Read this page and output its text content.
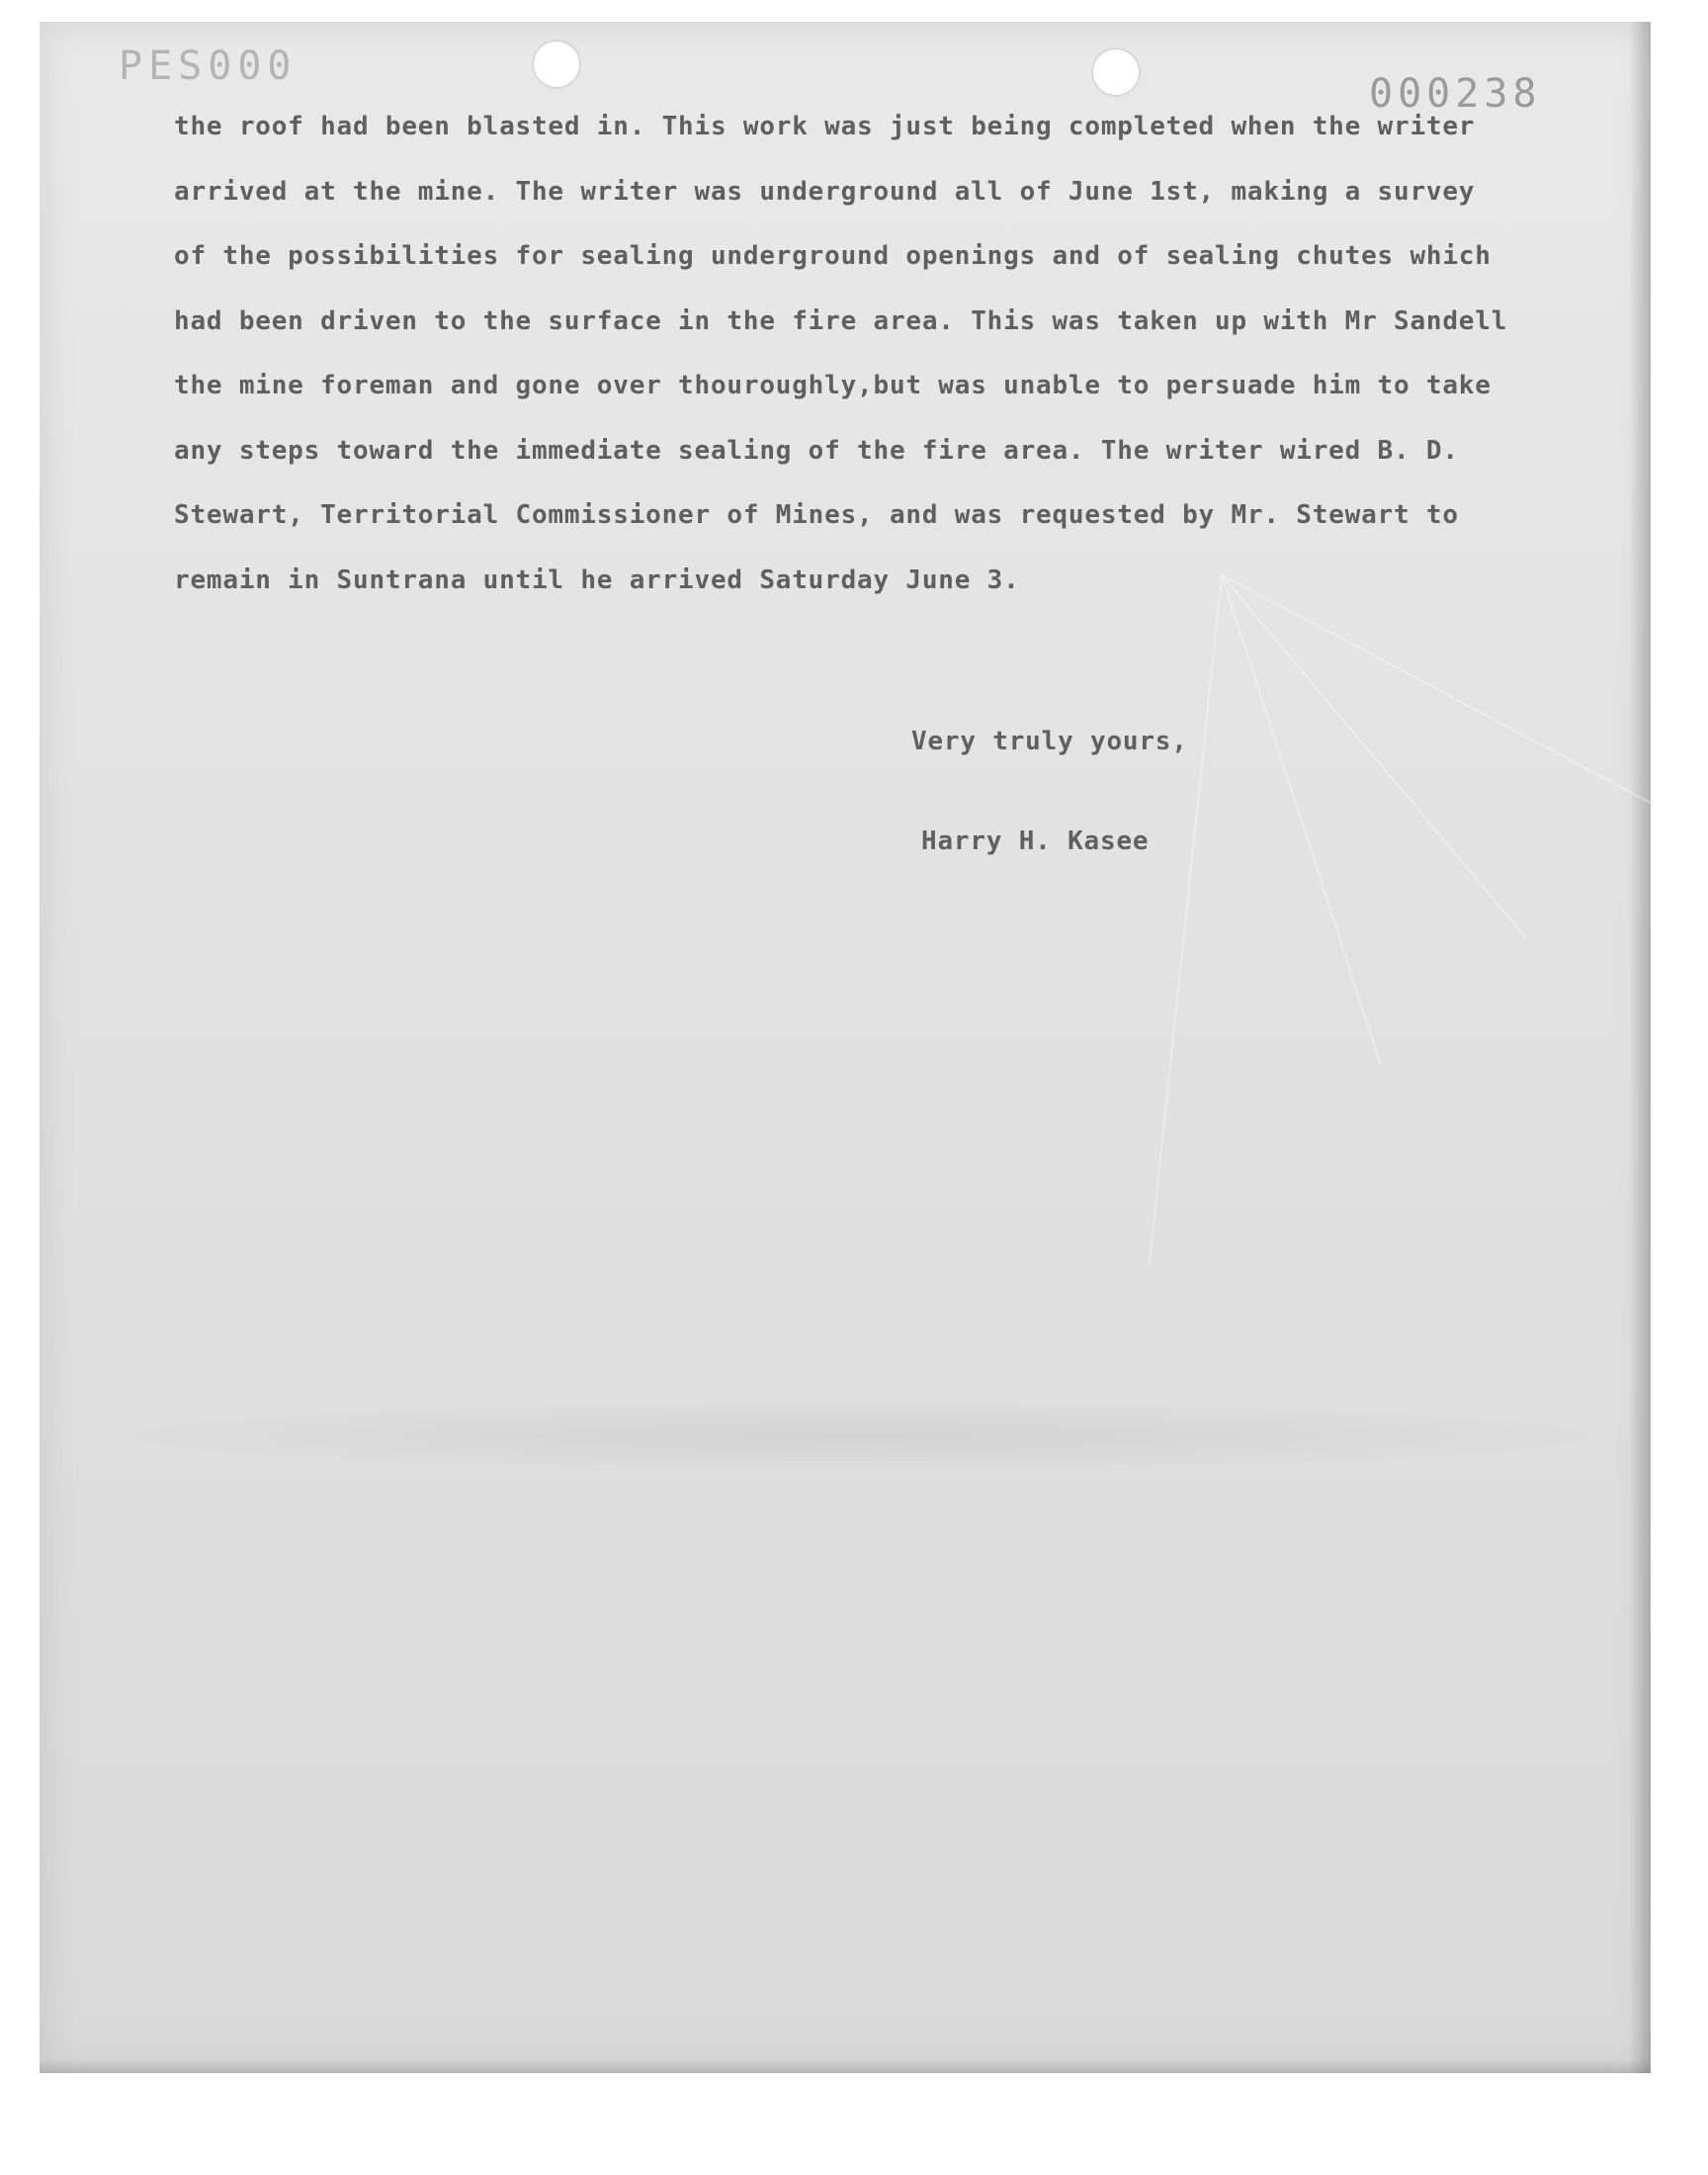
PES000
000238
the roof had been blasted in. This work was just being completed when the writer
arrived at the mine. The writer was underground all of June 1st, making a survey
of the possibilities for sealing underground openings and of sealing chutes which
had been driven to the surface in the fire area. This was taken up with Mr Sandell
the mine foreman and gone over thouroughly,but was unable to persuade him to take
any steps toward the immediate sealing of the fire area. The writer wired B. D.
Stewart, Territorial Commissioner of Mines, and was requested by Mr. Stewart to
remain in Suntrana until he arrived Saturday June 3.
Very truly yours,
Harry H. Kasee
